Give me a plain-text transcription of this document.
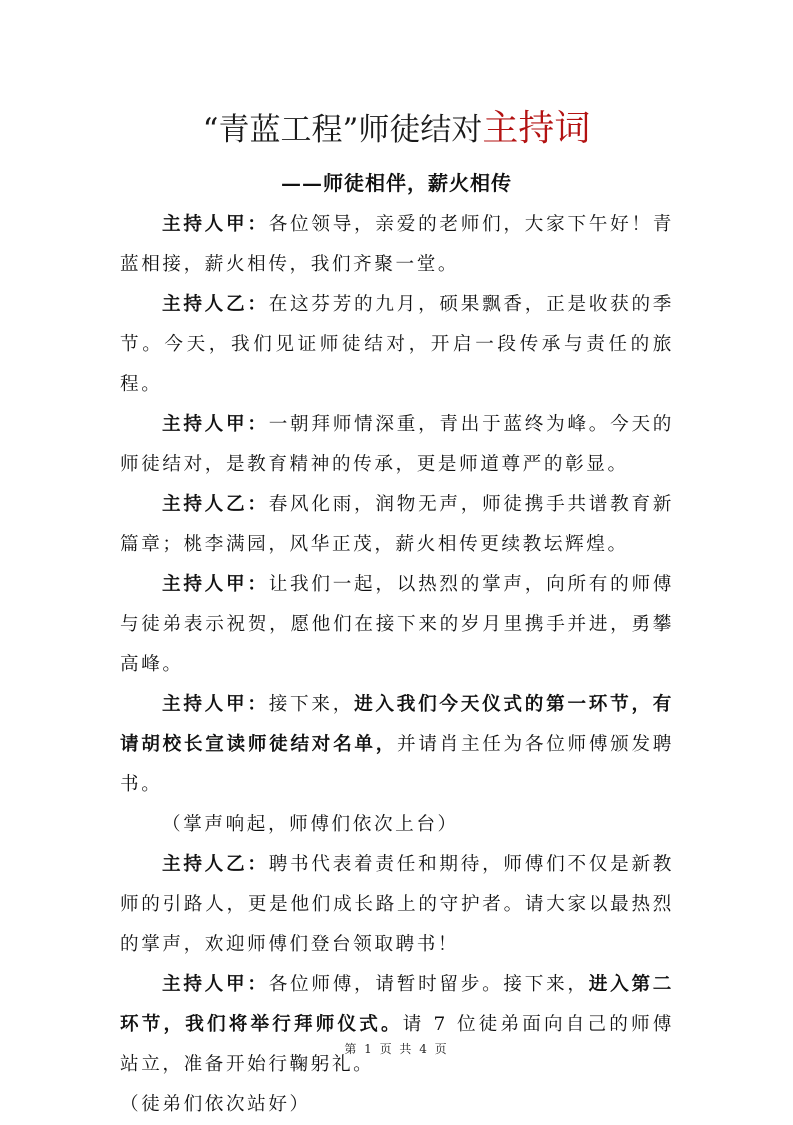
“青蓝工程”师徒结对主持词
——师徒相伴，薪火相传

主持人甲：各位领导，亲爱的老师们，大家下午好！青蓝相接，薪火相传，我们齐聚一堂。

主持人乙：在这芬芳的九月，硕果飘香，正是收获的季节。今天，我们见证师徒结对，开启一段传承与责任的旅程。

主持人甲：一朝拜师情深重，青出于蓝终为峰。今天的师徒结对，是教育精神的传承，更是师道尊严的彰显。

主持人乙：春风化雨，润物无声，师徒携手共谱教育新篇章；桃李满园，风华正茂，薪火相传更续教坛辉煌。

主持人甲：让我们一起，以热烈的掌声，向所有的师傅与徒弟表示祝贺，愿他们在接下来的岁月里携手并进，勇攀高峰。

主持人甲：接下来，进入我们今天仪式的第一环节，有请胡校长宣读师徒结对名单，并请肖主任为各位师傅颁发聘书。

（掌声响起，师傅们依次上台）

主持人乙：聘书代表着责任和期待，师傅们不仅是新教师的引路人，更是他们成长路上的守护者。请大家以最热烈的掌声，欢迎师傅们登台领取聘书！

主持人甲：各位师傅，请暂时留步。接下来，进入第二环节，我们将举行拜师仪式。请 7 位徒弟面向自己的师傅站立，准备开始行鞠躬礼。

（徒弟们依次站好）

第 1 页 共 4 页
